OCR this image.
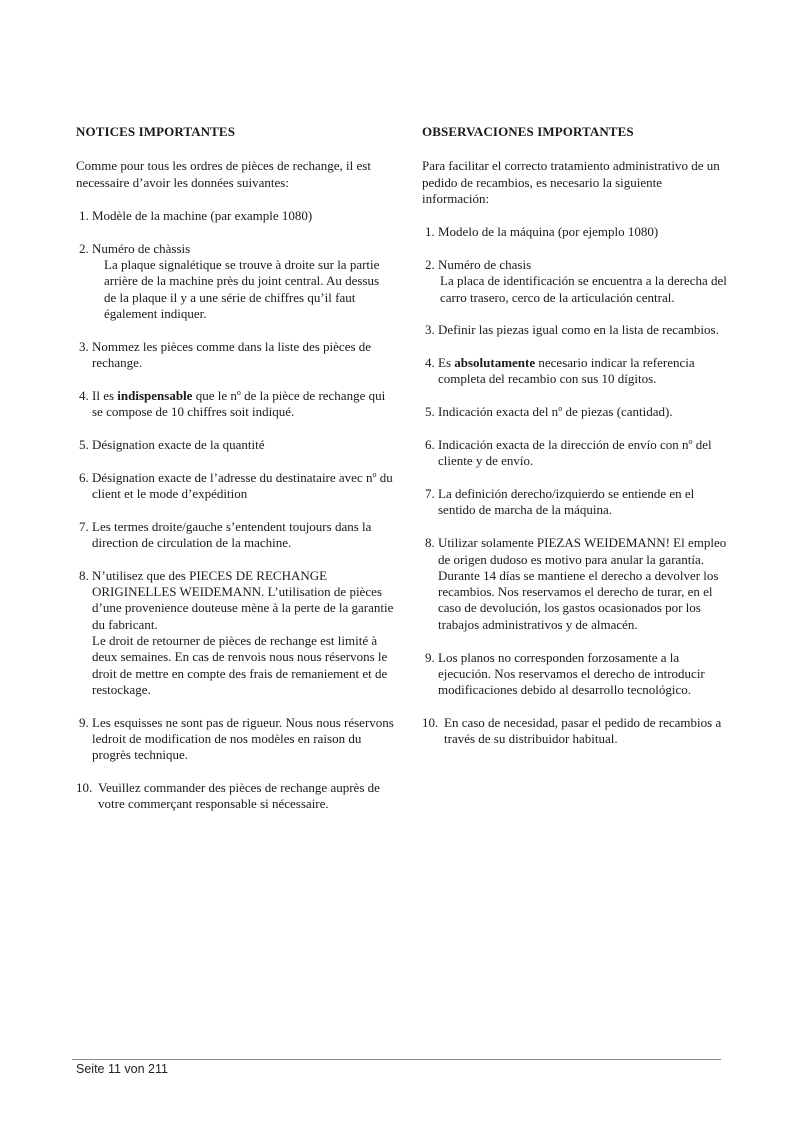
NOTICES IMPORTANTES

Comme pour tous les ordres de pièces de rechange, il est necessaire d’avoir les données suivantes:

1. Modèle de la machine (par example 1080)
2. Numéro de chàssis
La plaque signalétique se trouve à droite sur la partie arrière de la machine près du joint central. Au dessus de la plaque il y a une série de chiffres qu’il faut également indiquer.
3. Nommez les pièces comme dans la liste des pièces de rechange.
4. Il es indispensable que le $n^o$ de la pièce de rechange qui se compose de 10 chiffres soit indiqué.
5. Désignation exacte de la quantité
6. Désignation exacte de l’adresse du destinataire avec $n^o$ du client et le mode d’expédition
7. Les termes droite/gauche s’entendent toujours dans la direction de circulation de la machine.
8. N’utilisez que des PIECES DE RECHANGE ORIGINELLES WEIDEMANN. L’utilisation de pièces d’une provenience douteuse mène à la perte de la garantie du fabricant.
Le droit de retourner de pièces de rechange est limité à deux semaines. En cas de renvois nous nous réservons le droit de mettre en compte des frais de remaniement et de restockage.
9. Les esquisses ne sont pas de rigueur. Nous nous réservons ledroit de modification de nos modèles en raison du progrès technique.
10. Veuillez commander des pièces de rechange auprès de votre commerçant responsable si nécessaire.
OBSERVACIONES IMPORTANTES

Para facilitar el correcto tratamiento administrativo de un pedido de recambios, es necesario la siguiente información:

1. Modelo de la máquina (por ejemplo 1080)
2. Numéro de chasis
La placa de identificación se encuentra a la derecha del carro trasero, cerco de la articulación central.
3. Definir las piezas igual como en la lista de recambios.
4. Es absolutamente necesario indicar la referencia completa del recambio con sus 10 dígitos.
5. Indicación exacta del $n^o$ de piezas (cantidad).
6. Indicación exacta de la dirección de envío con $n^o$ del cliente y de envío.
7. La definición derecho/izquierdo se entiende en el sentido de marcha de la máquina.
8. Utilizar solamente PIEZAS WEIDEMANN! El empleo de origen dudoso es motivo para anular la garantía.
Durante 14 días se mantiene el derecho a devolver los recambios. Nos reservamos el derecho de turar, en el caso de devolución, los gastos ocasionados por los trabajos administrativos y de almacén.
9. Los planos no corresponden forzosamente a la ejecución. Nos reservamos el derecho de introducir modificaciones debido al desarrollo tecnológico.
10. En caso de necesidad, pasar el pedido de recambios a través de su distribuidor habitual.
Seite 11 von 211
